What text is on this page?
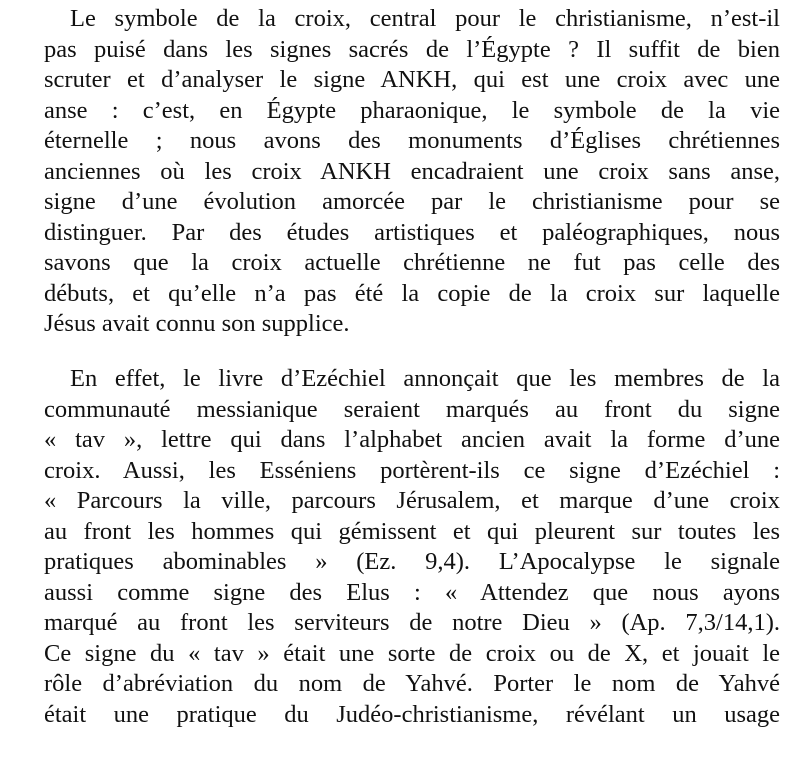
Le symbole de la croix, central pour le christianisme, n’est-il
pas puisé dans les signes sacrés de l’Égypte ? Il suffit de bien
scruter et d’analyser le signe ANKH, qui est une croix avec une
anse : c’est, en Égypte pharaonique, le symbole de la vie
éternelle ; nous avons des monuments d’Églises chrétiennes
anciennes où les croix ANKH encadraient une croix sans anse,
signe d’une évolution amorcée par le christianisme pour se
distinguer. Par des études artistiques et paléographiques, nous
savons que la croix actuelle chrétienne ne fut pas celle des
débuts, et qu’elle n’a pas été la copie de la croix sur laquelle
Jésus avait connu son supplice.
En effet, le livre d’Ezéchiel annonçait que les membres de la
communauté messianique seraient marqués au front du signe
« tav », lettre qui dans l’alphabet ancien avait la forme d’une
croix. Aussi, les Esséniens portèrent-ils ce signe d’Ezéchiel :
« Parcours la ville, parcours Jérusalem, et marque d’une croix
au front les hommes qui gémissent et qui pleurent sur toutes les
pratiques abominables » (Ez. 9,4). L’Apocalypse le signale
aussi comme signe des Elus : « Attendez que nous ayons
marqué au front les serviteurs de notre Dieu » (Ap. 7,3/14,1).
Ce signe du « tav » était une sorte de croix ou de X, et jouait le
rôle d’abréviation du nom de Yahvé. Porter le nom de Yahvé
était une pratique du Judéo-christianisme, révélant un usage
